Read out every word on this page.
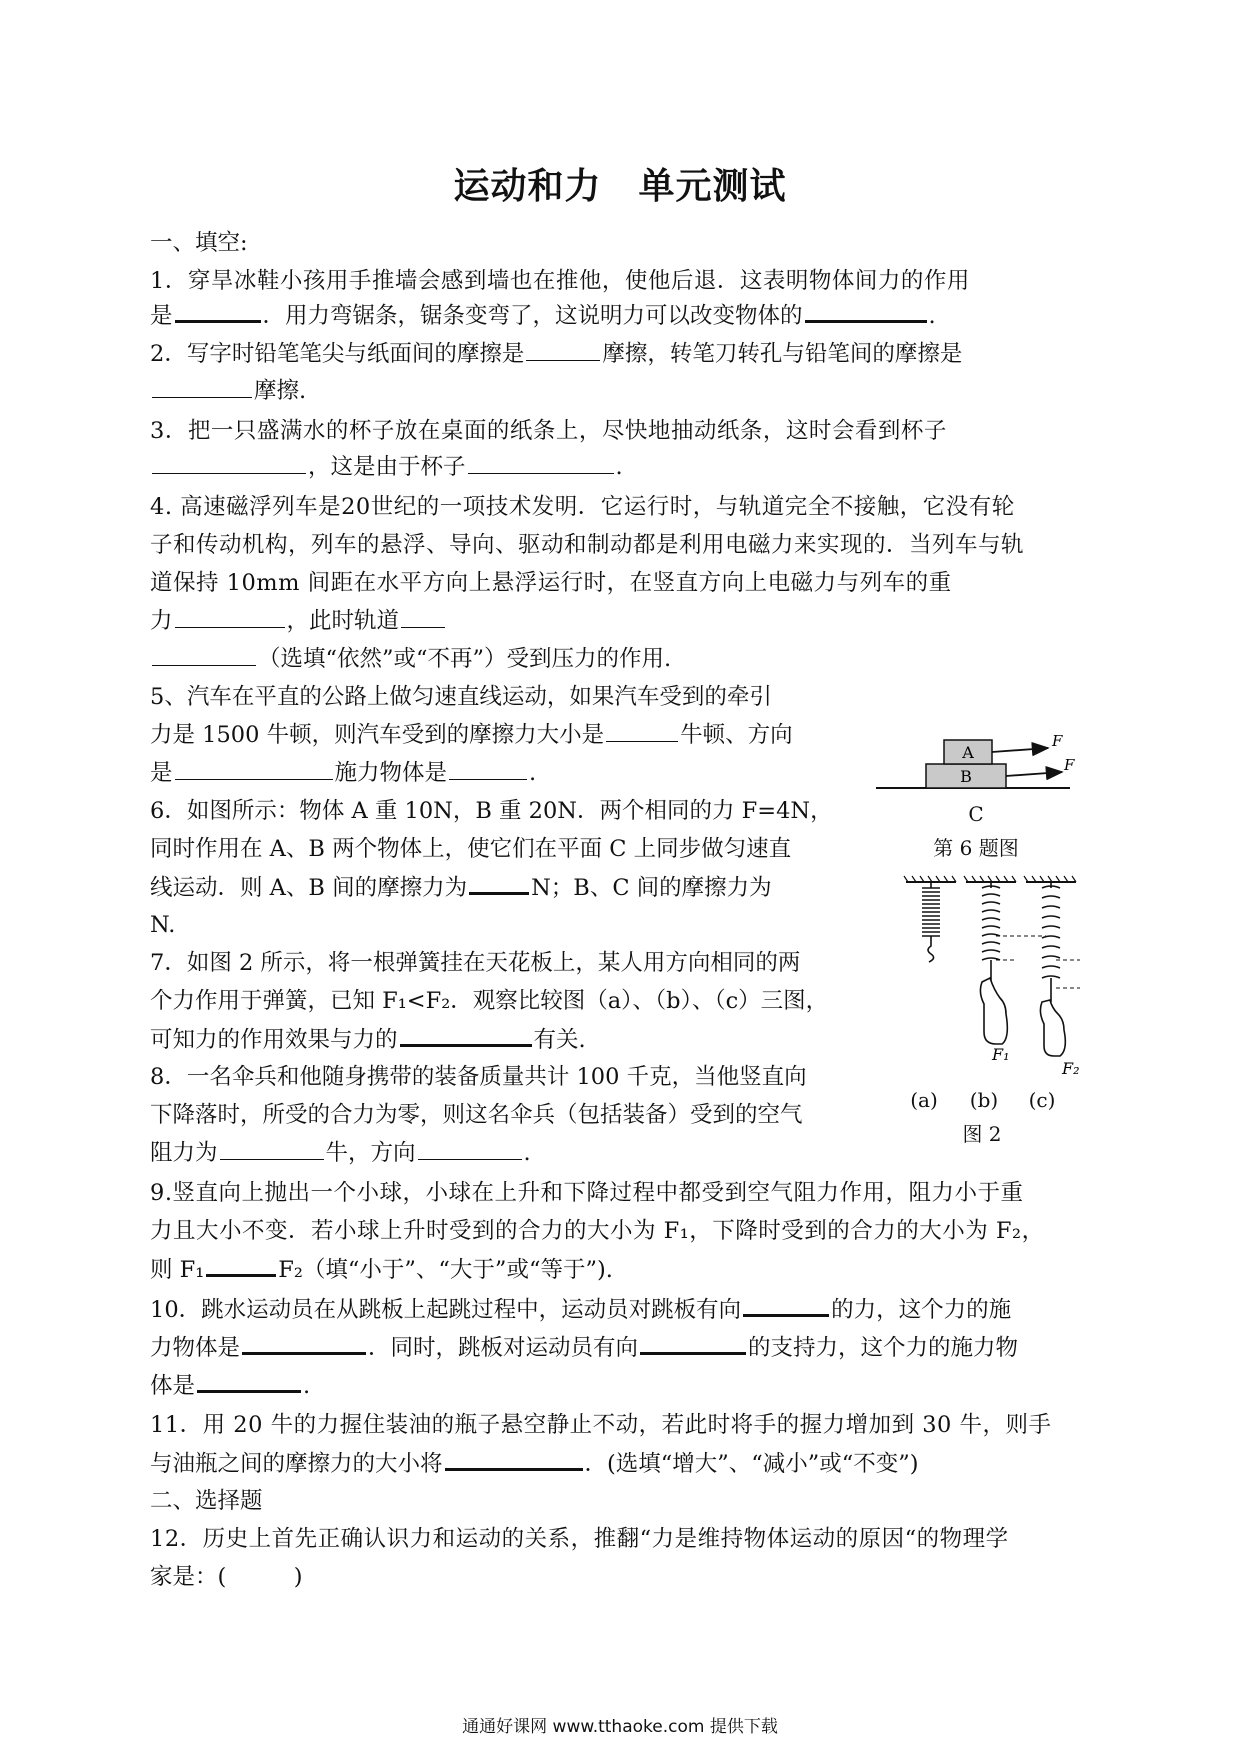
运动和力　单元测试
一、填空:
1．穿旱冰鞋小孩用手推墙会感到墙也在推他，使他后退．这表明物体间力的作用
是	．用力弯锯条，锯条变弯了，这说明力可以改变物体的	.
2．写字时铅笔笔尖与纸面间的摩擦是	摩擦，转笔刀转孔与铅笔间的摩擦是
摩擦.
3．把一只盛满水的杯子放在桌面的纸条上，尽快地抽动纸条，这时会看到杯子
，这是由于杯子	.
4. 高速磁浮列车是20世纪的一项技术发明．它运行时，与轨道完全不接触，它没有轮
子和传动机构，列车的悬浮、导向、驱动和制动都是利用电磁力来实现的．当列车与轨
道保持 10mm 间距在水平方向上悬浮运行时，在竖直方向上电磁力与列车的重
力	，此时轨道
（选填“依然”或“不再”）受到压力的作用.
5、汽车在平直的公路上做匀速直线运动，如果汽车受到的牵引
力是 1500 牛顿，则汽车受到的摩擦力大小是	牛顿、方向
是	施力物体是	.
6．如图所示：物体 A 重 10N，B 重 20N．两个相同的力 F=4N，
同时作用在 A、B 两个物体上，使它们在平面 C 上同步做匀速直
线运动．则 A、B 间的摩擦力为	N；B、C 间的摩擦力为
N.
7．如图 2 所示，将一根弹簧挂在天花板上，某人用方向相同的两
个力作用于弹簧，已知 F₁<F₂．观察比较图（a）、（b）、（c）三图，
可知力的作用效果与力的	有关.
8．一名伞兵和他随身携带的装备质量共计 100 千克，当他竖直向
下降落时，所受的合力为零，则这名伞兵（包括装备）受到的空气
阻力为	牛，方向	.
9.竖直向上抛出一个小球，小球在上升和下降过程中都受到空气阻力作用，阻力小于重
力且大小不变．若小球上升时受到的合力的大小为 F₁，下降时受到的合力的大小为 F₂，
则 F₁	F₂（填“小于”、“大于”或“等于”).
10．跳水运动员在从跳板上起跳过程中，运动员对跳板有向	的力，这个力的施
力物体是	．同时，跳板对运动员有向	的支持力，这个力的施力物
体是	.
11．用 20 牛的力握住装油的瓶子悬空静止不动，若此时将手的握力增加到 30 牛，则手
与油瓶之间的摩擦力的大小将	．(选填“增大”、“减小”或“不变”)
二、选择题
12．历史上首先正确认识力和运动的关系，推翻“力是维持物体运动的原因“的物理学
家是：(　　　)
A
B
F
F
C
第 6 题图
F₁
F₂
(a)	(b)	(c)
图 2
通通好课网 www.tthaoke.com 提供下载
